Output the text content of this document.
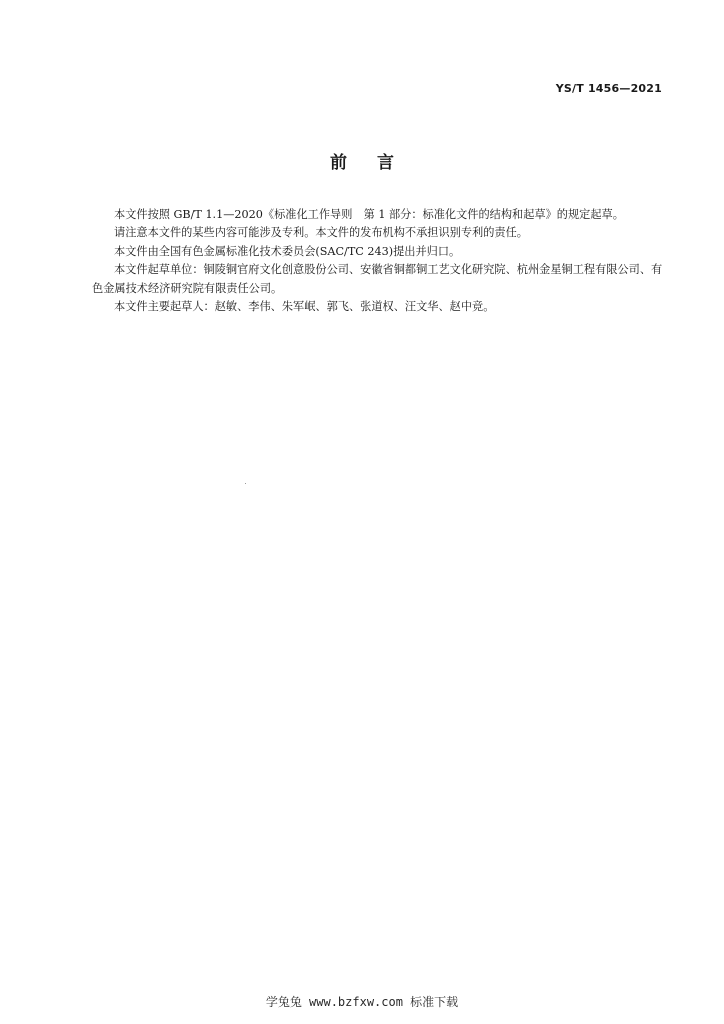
YS/T 1456—2021
前言

本文件按照 GB/T 1.1—2020《标准化工作导则　第 1 部分：标准化文件的结构和起草》的规定起草。

请注意本文件的某些内容可能涉及专利。本文件的发布机构不承担识别专利的责任。

本文件由全国有色金属标准化技术委员会(SAC/TC 243)提出并归口。

本文件起草单位：铜陵铜官府文化创意股份公司、安徽省铜都铜工艺文化研究院、杭州金星铜工程有限公司、有色金属技术经济研究院有限责任公司。

本文件主要起草人：赵敏、李伟、朱军岷、郭飞、张道权、汪文华、赵中竞。

学兔兔 www.bzfxw.com 标准下载
